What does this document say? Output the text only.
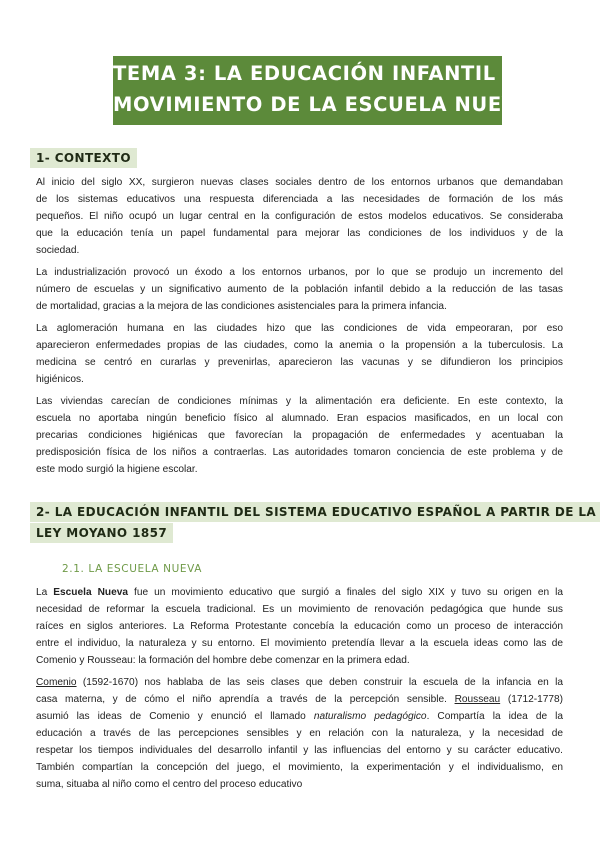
TEMA 3: LA EDUCACIÓN INFANTIL Y EL
MOVIMIENTO DE LA ESCUELA NUEVA
1- CONTEXTO
Al inicio del siglo XX, surgieron nuevas clases sociales dentro de los entornos urbanos que demandaban
de los sistemas educativos una respuesta diferenciada a las necesidades de formación de los más
pequeños. El niño ocupó un lugar central en la configuración de estos modelos educativos. Se consideraba
que la educación tenía un papel fundamental para mejorar las condiciones de los individuos y de la
sociedad.
La industrialización provocó un éxodo a los entornos urbanos, por lo que se produjo un incremento del
número de escuelas y un significativo aumento de la población infantil debido a la reducción de las tasas
de mortalidad, gracias a la mejora de las condiciones asistenciales para la primera infancia.
La aglomeración humana en las ciudades hizo que las condiciones de vida empeoraran, por eso
aparecieron enfermedades propias de las ciudades, como la anemia o la propensión a la tuberculosis. La
medicina se centró en curarlas y prevenirlas, aparecieron las vacunas y se difundieron los principios
higiénicos.
Las viviendas carecían de condiciones mínimas y la alimentación era deficiente. En este contexto, la
escuela no aportaba ningún beneficio físico al alumnado. Eran espacios masificados, en un local con
precarias condiciones higiénicas que favorecían la propagación de enfermedades y acentuaban la
predisposición física de los niños a contraerlas. Las autoridades tomaron conciencia de este problema y de
este modo surgió la higiene escolar.
2- LA EDUCACIÓN INFANTIL DEL SISTEMA EDUCATIVO ESPAÑOL A PARTIR DE LA
LEY MOYANO 1857
2.1. LA ESCUELA NUEVA
La Escuela Nueva fue un movimiento educativo que surgió a finales del siglo XIX y tuvo su origen en la
necesidad de reformar la escuela tradicional. Es un movimiento de renovación pedagógica que hunde sus
raíces en siglos anteriores. La Reforma Protestante concebía la educación como un proceso de interacción
entre el individuo, la naturaleza y su entorno. El movimiento pretendía llevar a la escuela ideas como las de
Comenio y Rousseau: la formación del hombre debe comenzar en la primera edad.
Comenio (1592-1670) nos hablaba de las seis clases que deben construir la escuela de la infancia en la
casa materna, y de cómo el niño aprendía a través de la percepción sensible. Rousseau (1712-1778)
asumió las ideas de Comenio y enunció el llamado naturalismo pedagógico. Compartía la idea de la
educación a través de las percepciones sensibles y en relación con la naturaleza, y la necesidad de
respetar los tiempos individuales del desarrollo infantil y las influencias del entorno y su carácter educativo.
También compartían la concepción del juego, el movimiento, la experimentación y el individualismo, en
suma, situaba al niño como el centro del proceso educativo
